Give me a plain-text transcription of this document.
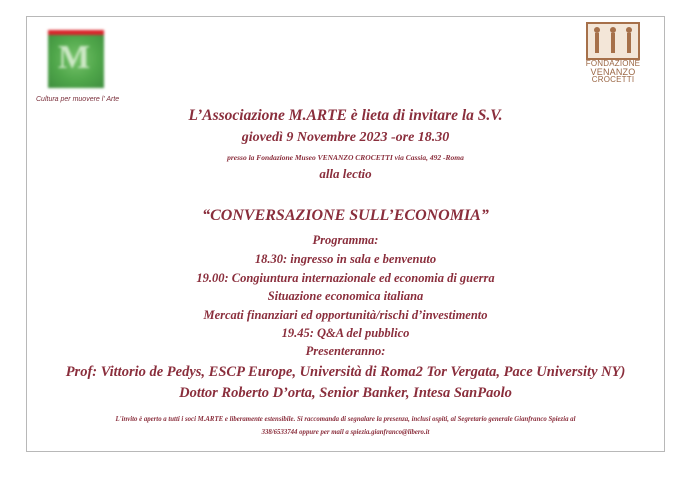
M
Cultura per muovere l' Arte
FONDAZIONE
VENANZO
CROCETTI
L’Associazione M.ARTE è lieta di invitare la S.V.
giovedì 9 Novembre 2023 -ore 18.30
presso la Fondazione Museo VENANZO CROCETTI via Cassia, 492 -Roma
alla lectio
“CONVERSAZIONE SULL’ECONOMIA”
Programma:
18.30: ingresso in sala e benvenuto
19.00: Congiuntura internazionale ed economia di guerra
Situazione economica italiana
Mercati finanziari ed opportunità/rischi d’investimento
19.45: Q&A del pubblico
Presenteranno:
Prof: Vittorio de Pedys, ESCP Europe, Università di Roma2 Tor Vergata, Pace University NY)
Dottor Roberto D’orta, Senior Banker, Intesa SanPaolo
L'invito è aperto a tutti i soci M.ARTE e liberamente estensibile. Si raccomanda di segnalare la presenza, inclusi ospiti, al Segretario generale Gianfranco Spiezia al
338/6533744 oppure per mail a spiezia.gianfranco@libero.it
